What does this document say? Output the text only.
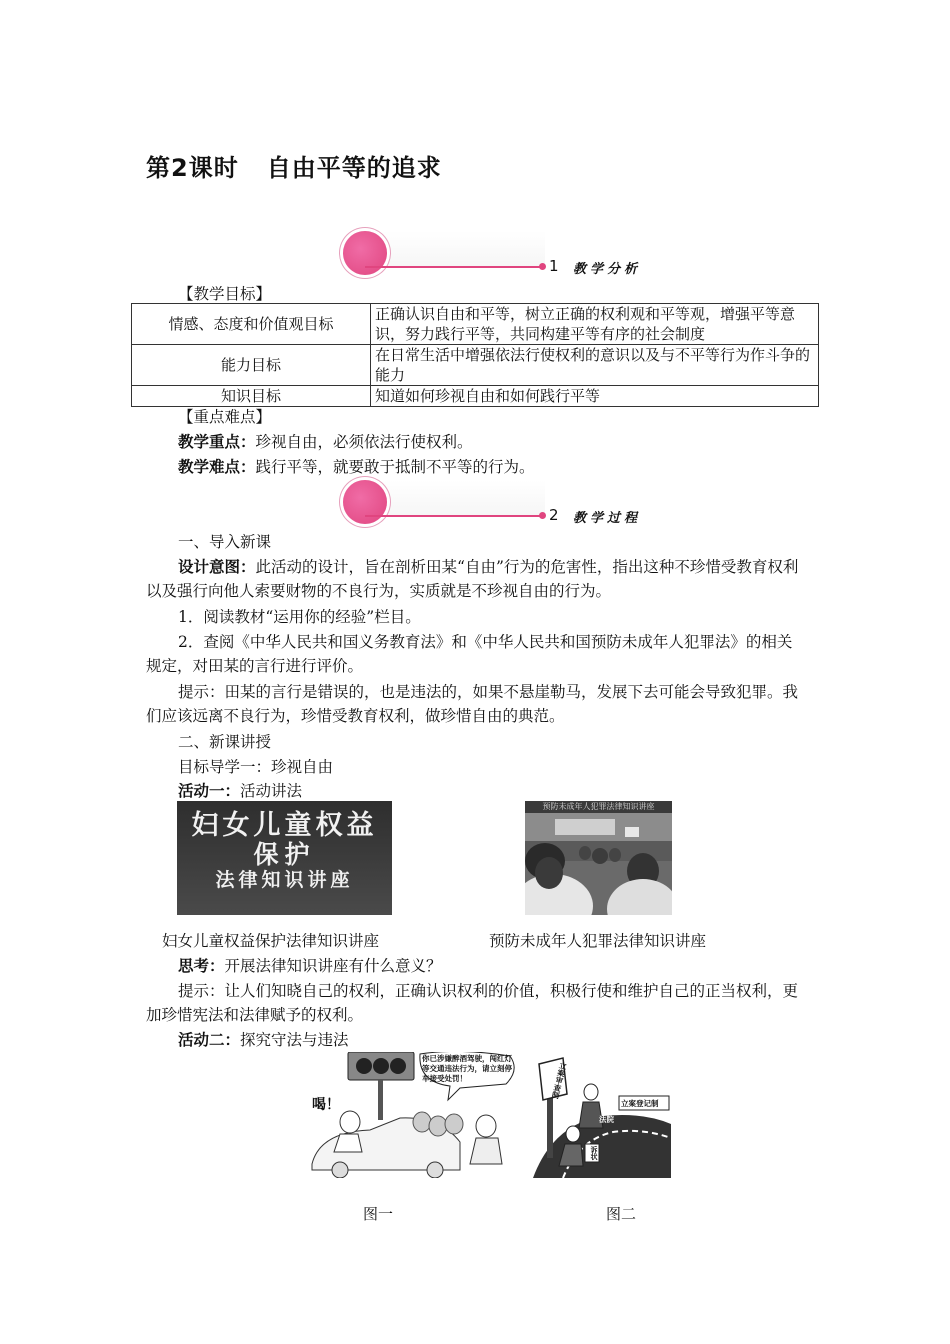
第2课时 自由平等的追求
1 教学分析
【教学目标】
情感、态度和价值观目标	正确认识自由和平等，树立正确的权利观和平等观，增强平等意识，努力践行平等，共同构建平等有序的社会制度
能力目标	在日常生活中增强依法行使权利的意识以及与不平等行为作斗争的能力
知识目标	知道如何珍视自由和如何践行平等
【重点难点】
教学重点：珍视自由，必须依法行使权利。
教学难点：践行平等，就要敢于抵制不平等的行为。
2 教学过程
一、导入新课
设计意图：此活动的设计，旨在剖析田某“自由”行为的危害性，指出这种不珍惜受教育权利以及强行向他人索要财物的不良行为，实质就是不珍视自由的行为。
1．阅读教材“运用你的经验”栏目。
2．查阅《中华人民共和国义务教育法》和《中华人民共和国预防未成年人犯罪法》的相关规定，对田某的言行进行评价。
提示：田某的言行是错误的，也是违法的，如果不悬崖勒马，发展下去可能会导致犯罪。我们应该远离不良行为，珍惜受教育权利，做珍惜自由的典范。
二、新课讲授
目标导学一：珍视自由
活动一：活动讲法
妇女儿童权益
保护
法律知识讲座
预防未成年人犯罪法律知识讲座
妇女儿童权益保护法律知识讲座	预防未成年人犯罪法律知识讲座
思考：开展法律知识讲座有什么意义？
提示：让人们知晓自己的权利，正确认识权利的价值，积极行使和维护自己的正当权利，更加珍惜宪法和法律赋予的权利。
活动二：探究守法与违法
你已涉嫌醉酒驾驶，闯红灯等交通违法行为，请立刻停车接受处罚！
喝！	立案登记制
法院
立案审查制
诉状
图一	图二
